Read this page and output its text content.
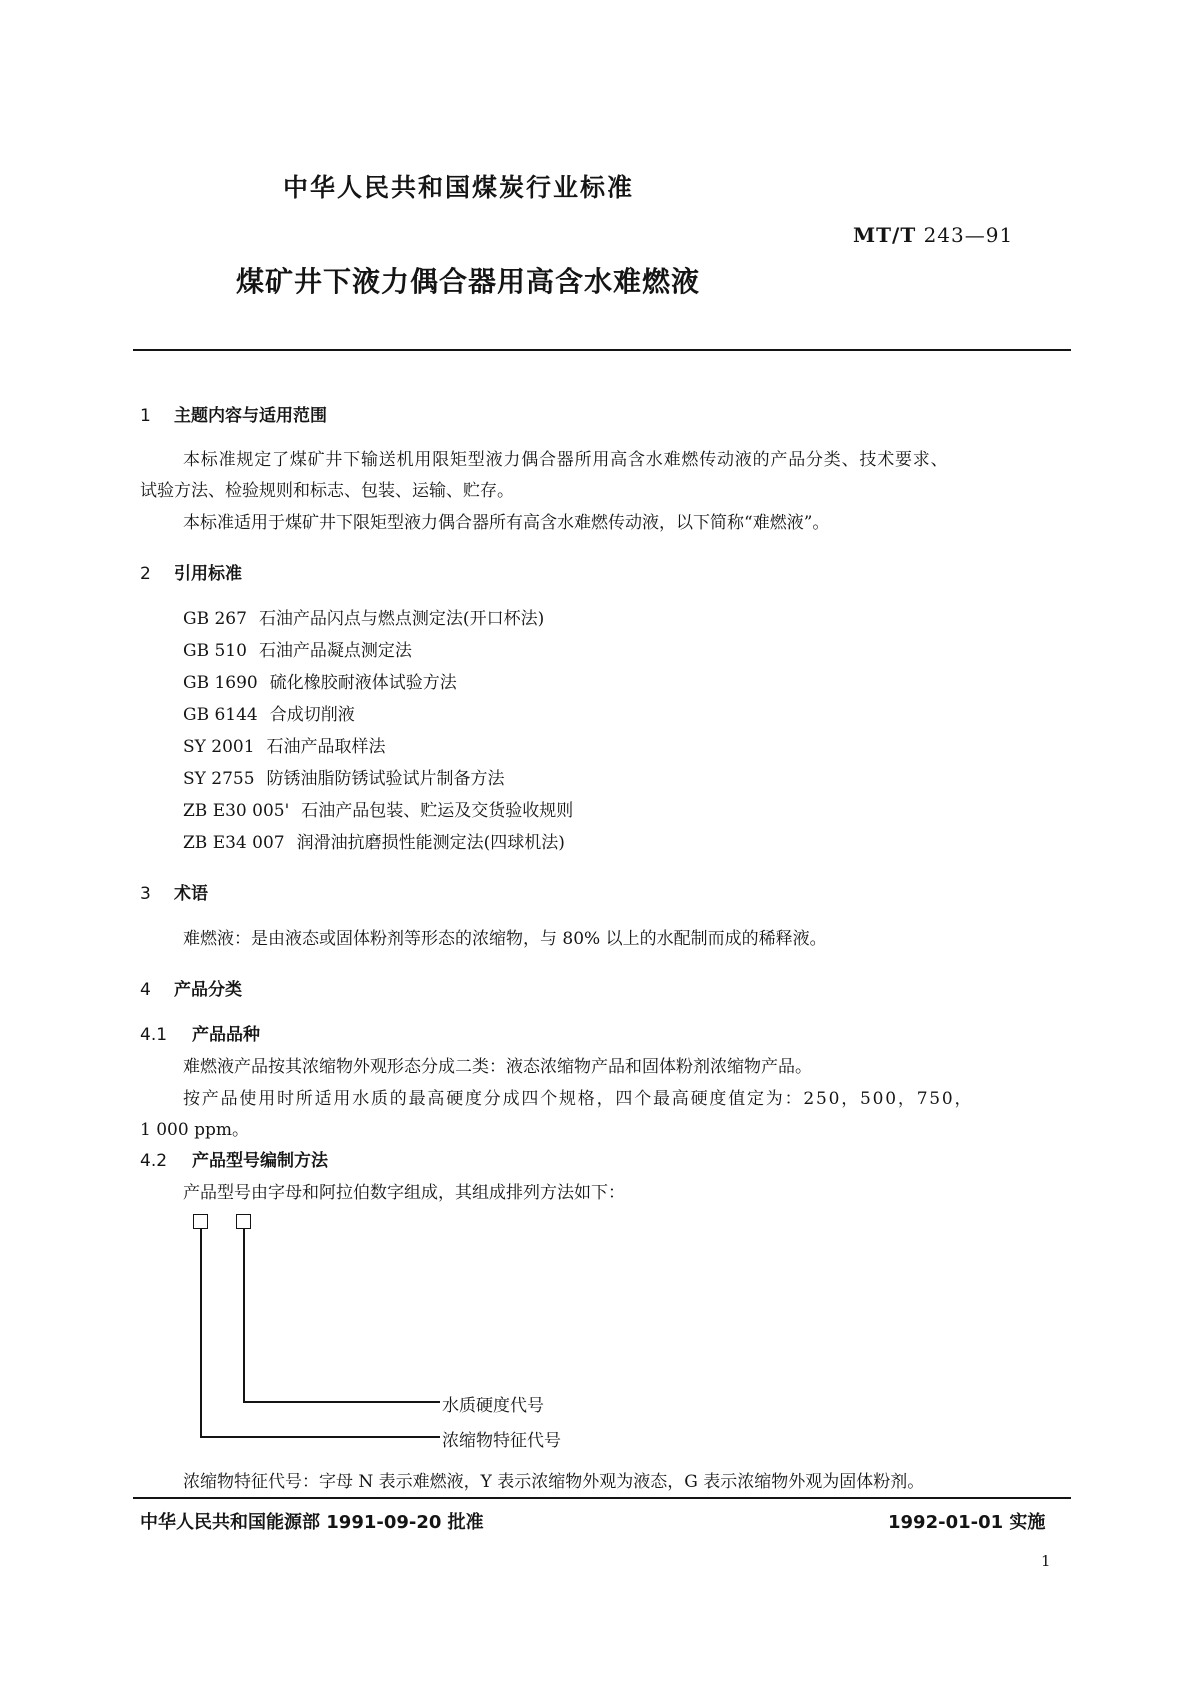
中华人民共和国煤炭行业标准
MT/T 243—91
煤矿井下液力偶合器用高含水难燃液
1 主题内容与适用范围
本标准规定了煤矿井下输送机用限矩型液力偶合器所用高含水难燃传动液的产品分类、技术要求、
试验方法、检验规则和标志、包装、运输、贮存。
本标准适用于煤矿井下限矩型液力偶合器所有高含水难燃传动液，以下简称“难燃液”。
2 引用标准
GB 267 石油产品闪点与燃点测定法(开口杯法)
GB 510 石油产品凝点测定法
GB 1690 硫化橡胶耐液体试验方法
GB 6144 合成切削液
SY 2001 石油产品取样法
SY 2755 防锈油脂防锈试验试片制备方法
ZB E30 005' 石油产品包装、贮运及交货验收规则
ZB E34 007 润滑油抗磨损性能测定法(四球机法)
3 术语
难燃液：是由液态或固体粉剂等形态的浓缩物，与 80% 以上的水配制而成的稀释液。
4 产品分类
4.1 产品品种
难燃液产品按其浓缩物外观形态分成二类：液态浓缩物产品和固体粉剂浓缩物产品。
按产品使用时所适用水质的最高硬度分成四个规格，四个最高硬度值定为：250，500，750，
1 000 ppm。
4.2 产品型号编制方法
产品型号由字母和阿拉伯数字组成，其组成排列方法如下：
水质硬度代号
浓缩物特征代号
浓缩物特征代号：字母 N 表示难燃液，Y 表示浓缩物外观为液态，G 表示浓缩物外观为固体粉剂。
中华人民共和国能源部 1991-09-20 批准	1992-01-01 实施
1
